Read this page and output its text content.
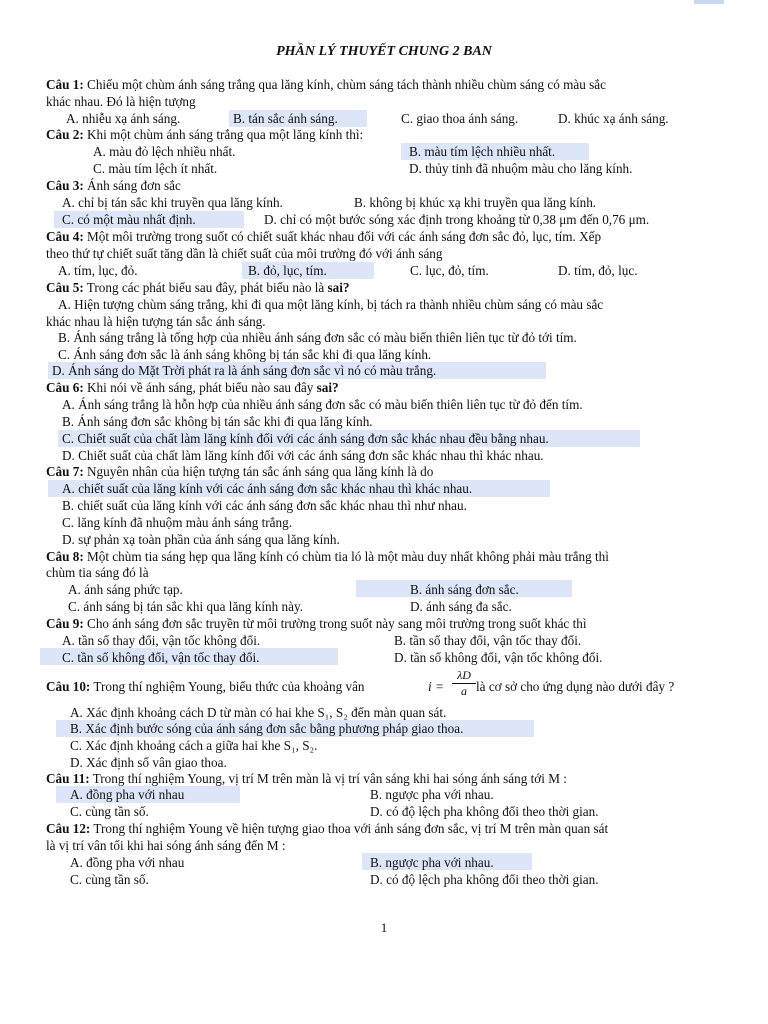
PHẦN LÝ THUYẾT CHUNG 2 BAN
Câu 1: Chiếu một chùm ánh sáng trắng qua lăng kính, chùm sáng tách thành nhiều chùm sáng có màu sắc
khác nhau. Đó là hiện tượng
A. nhiễu xạ ánh sáng.	B. tán sắc ánh sáng.	C. giao thoa ánh sáng.	D. khúc xạ ánh sáng.
Câu 2: Khi một chùm ánh sáng trắng qua một lăng kính thì:
A. màu đỏ lệch nhiều nhất.	B. màu tím lệch nhiều nhất.
C. màu tím lệch ít nhất.	D. thủy tinh đã nhuộm màu cho lăng kính.
Câu 3: Ánh sáng đơn sắc
A. chỉ bị tán sắc khi truyền qua lăng kính.	B. không bị khúc xạ khi truyền qua lăng kính.
C. có một màu nhất định.	D. chỉ có một bước sóng xác định trong khoảng từ 0,38 μm đến 0,76 μm.
Câu 4: Một môi trường trong suốt có chiết suất khác nhau đối với các ánh sáng đơn sắc đỏ, lục, tím. Xếp
theo thứ tự chiết suất tăng dần là chiết suất của môi trường đó với ánh sáng
A. tím, lục, đỏ.	B. đỏ, lục, tím.	C. lục, đỏ, tím.	D. tím, đỏ, lục.
Câu 5: Trong các phát biểu sau đây, phát biểu nào là sai?
A. Hiện tượng chùm sáng trắng, khi đi qua một lăng kính, bị tách ra thành nhiều chùm sáng có màu sắc
khác nhau là hiện tượng tán sắc ánh sáng.
B. Ánh sáng trắng là tổng hợp của nhiều ánh sáng đơn sắc có màu biến thiên liên tục từ đỏ tới tím.
C. Ánh sáng đơn sắc là ánh sáng không bị tán sắc khi đi qua lăng kính.
D. Ánh sáng do Mặt Trời phát ra là ánh sáng đơn sắc vì nó có màu trắng.
Câu 6: Khi nói về ánh sáng, phát biểu nào sau đây sai?
A. Ánh sáng trắng là hỗn hợp của nhiều ánh sáng đơn sắc có màu biến thiên liên tục từ đỏ đến tím.
B. Ánh sáng đơn sắc không bị tán sắc khi đi qua lăng kính.
C. Chiết suất của chất làm lăng kính đối với các ánh sáng đơn sắc khác nhau đều bằng nhau.
D. Chiết suất của chất làm lăng kính đối với các ánh sáng đơn sắc khác nhau thì khác nhau.
Câu 7: Nguyên nhân của hiện tượng tán sắc ánh sáng qua lăng kính là do
A. chiết suất của lăng kính với các ánh sáng đơn sắc khác nhau thì khác nhau.
B. chiết suất của lăng kính với các ánh sáng đơn sắc khác nhau thì như nhau.
C. lăng kính đã nhuộm màu ánh sáng trắng.
D. sự phản xạ toàn phần của ánh sáng qua lăng kính.
Câu 8: Một chùm tia sáng hẹp qua lăng kính có chùm tia ló là một màu duy nhất không phải màu trắng thì
chùm tia sáng đó là
A. ánh sáng phức tạp.	B. ánh sáng đơn sắc.
C. ánh sáng bị tán sắc khi qua lăng kính này.	D. ánh sáng đa sắc.
Câu 9: Cho ánh sáng đơn sắc truyền từ môi trường trong suốt này sang môi trường trong suốt khác thì
A. tần số thay đổi, vận tốc không đổi.	B. tần số thay đổi, vận tốc thay đổi.
C. tần số không đổi, vận tốc thay đổi.	D. tần số không đổi, vận tốc không đổi.
Câu 10: Trong thí nghiệm Young, biểu thức của khoảng vân	i =
λD
a là cơ sở cho ứng dụng nào dưới đây ?
A. Xác định khoảng cách D từ màn có hai khe S₁, S₂ đến màn quan sát.
B. Xác định bước sóng của ánh sáng đơn sắc bằng phương pháp giao thoa.
C. Xác định khoảng cách a giữa hai khe S₁, S₂.
D. Xác định số vân giao thoa.
Câu 11: Trong thí nghiệm Young, vị trí M trên màn là vị trí vân sáng khi hai sóng ánh sáng tới M :
A. đồng pha với nhau	B. ngược pha với nhau.
C. cùng tần số.	D. có độ lệch pha không đổi theo thời gian.
Câu 12: Trong thí nghiệm Young về hiện tượng giao thoa với ánh sáng đơn sắc, vị trí M trên màn quan sát
là vị trí vân tối khi hai sóng ánh sáng đến M :
A. đồng pha với nhau	B. ngược pha với nhau.
C. cùng tần số.	D. có độ lệch pha không đổi theo thời gian.
1
